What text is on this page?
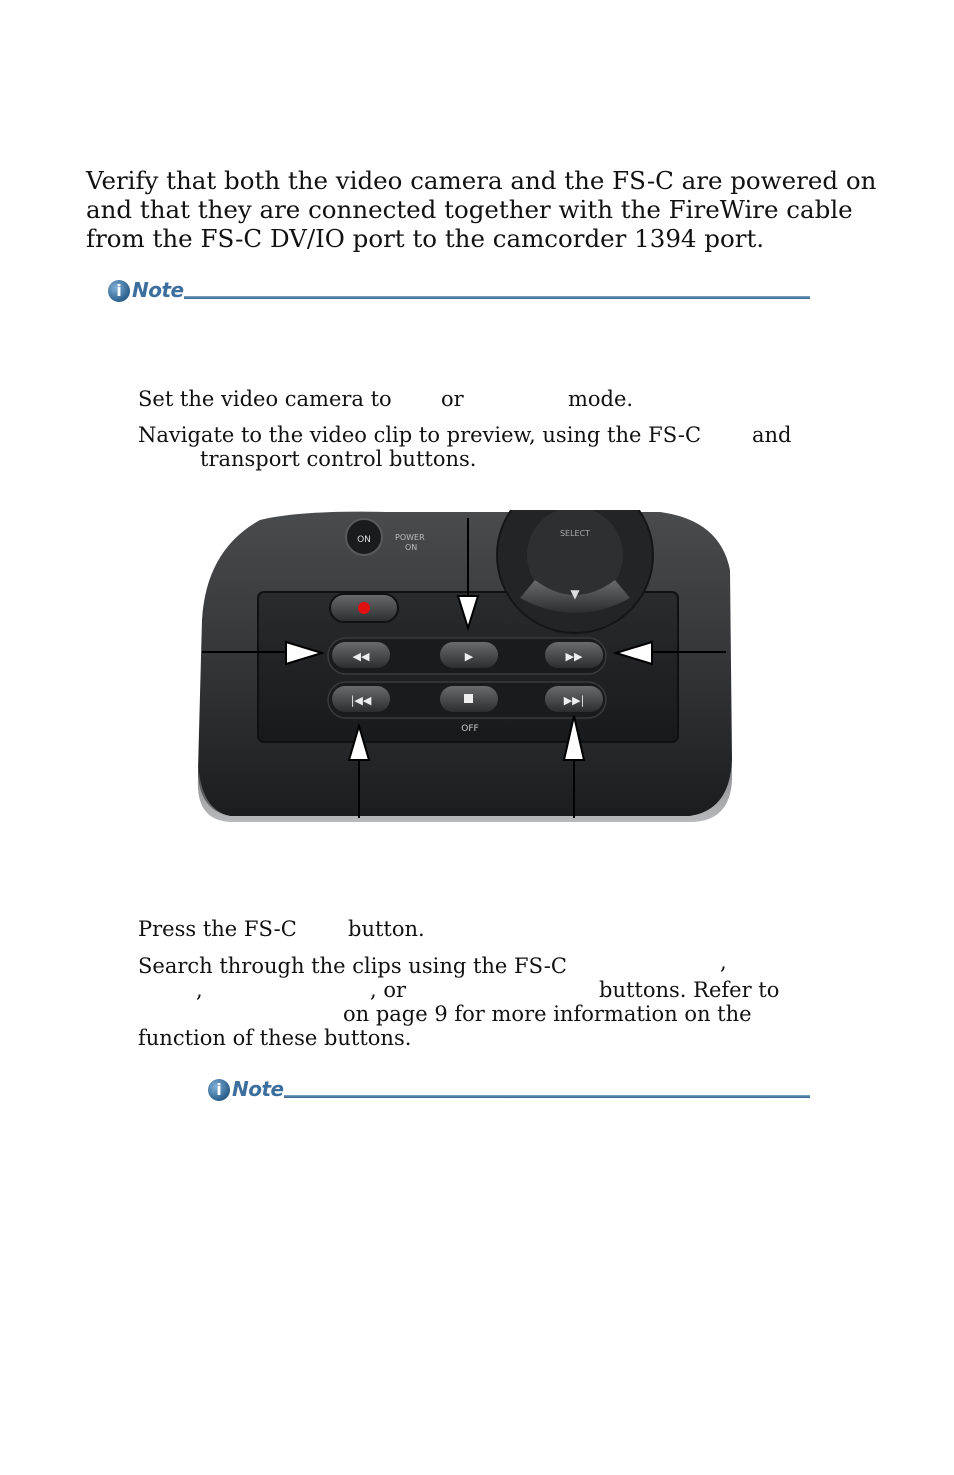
Verify that both the video camera and the FS-C are powered on
and that they are connected together with the FireWire cable
from the FS-C DV/IO port to the camcorder 1394 port.
i Note
Set the video camera to or	mode.
Navigate to the video clip to preview, using the FS-C and
transport control buttons.
ON	POWER
ON
▼
SELECT
◀◀	▶	▶▶
|◀◀	▶▶|
OFF
Press the FS-C button.
Search through the clips using the FS-C	,
,	, or	buttons. Refer to
on page 9 for more information on the
function of these buttons.
i Note
